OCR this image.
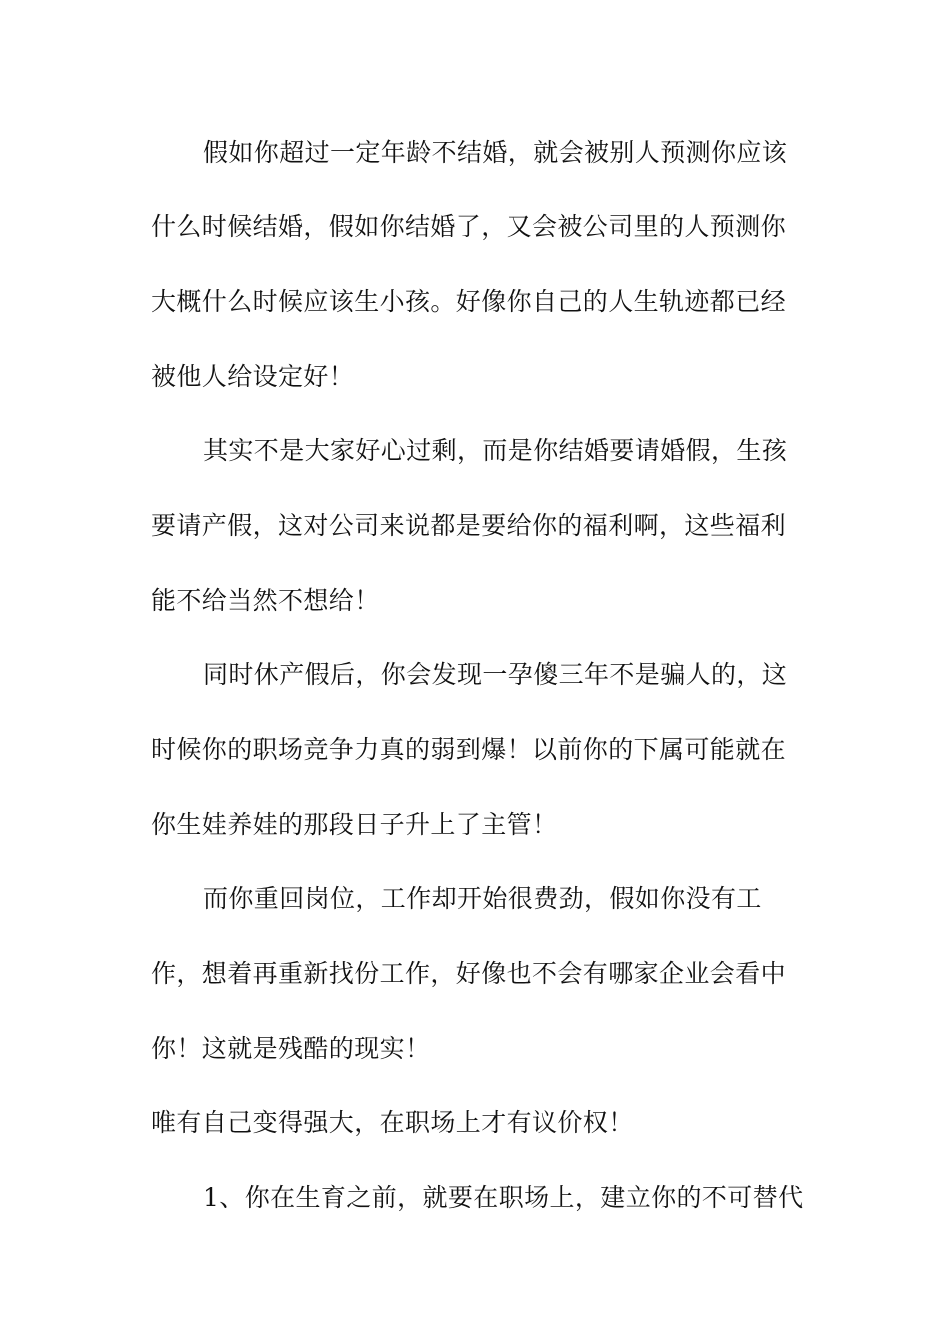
假如你超过一定年龄不结婚，就会被别人预测你应该
什么时候结婚，假如你结婚了，又会被公司里的人预测你
大概什么时候应该生小孩。好像你自己的人生轨迹都已经
被他人给设定好！
其实不是大家好心过剩，而是你结婚要请婚假，生孩
要请产假，这对公司来说都是要给你的福利啊，这些福利
能不给当然不想给！
同时休产假后，你会发现一孕傻三年不是骗人的，这
时候你的职场竞争力真的弱到爆！以前你的下属可能就在
你生娃养娃的那段日子升上了主管！
而你重回岗位，工作却开始很费劲，假如你没有工
作，想着再重新找份工作，好像也不会有哪家企业会看中
你！这就是残酷的现实！
唯有自己变得强大，在职场上才有议价权！
1、你在生育之前，就要在职场上，建立你的不可替代
